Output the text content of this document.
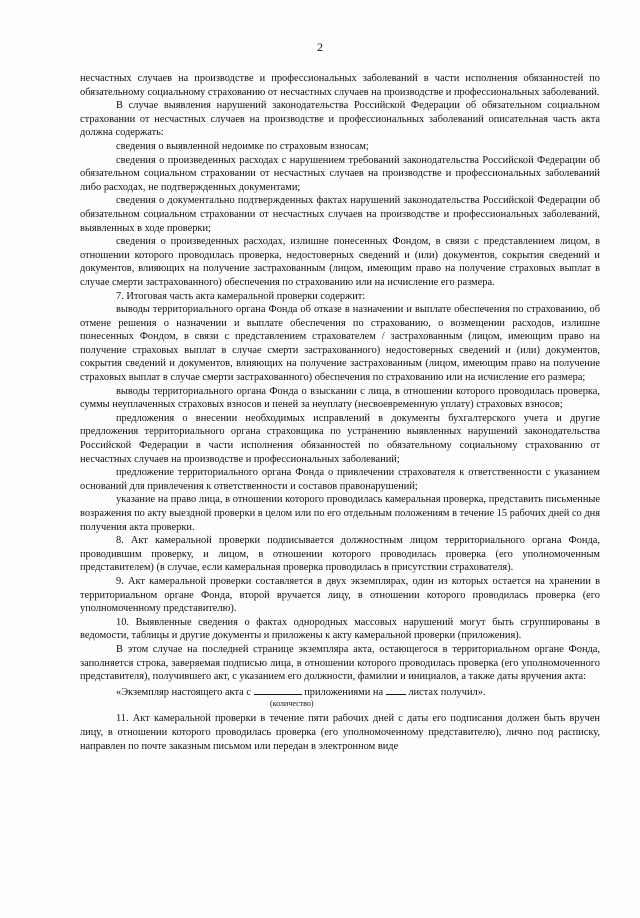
2

несчастных случаев на производстве и профессиональных заболеваний в части исполнения обязанностей по обязательному социальному страхованию от несчастных случаев на производстве и профессиональных заболеваний.

В случае выявления нарушений законодательства Российской Федерации об обязательном социальном страховании от несчастных случаев на производстве и профессиональных заболеваний описательная часть акта должна содержать:

сведения о выявленной недоимке по страховым взносам;

сведения о произведенных расходах с нарушением требований законодательства Российской Федерации об обязательном социальном страховании от несчастных случаев на производстве и профессиональных заболеваний либо расходах, не подтвержденных документами;

сведения о документально подтвержденных фактах нарушений законодательства Российской Федерации об обязательном социальном страховании от несчастных случаев на производстве и профессиональных заболеваний, выявленных в ходе проверки;

сведения о произведенных расходах, излишне понесенных Фондом, в связи с представлением лицом, в отношении которого проводилась проверка, недостоверных сведений и (или) документов, сокрытия сведений и документов, влияющих на получение застрахованным (лицом, имеющим право на получение страховых выплат в случае смерти застрахованного) обеспечения по страхованию или на исчисление его размера.

7. Итоговая часть акта камеральной проверки содержит:

выводы территориального органа Фонда об отказе в назначении и выплате обеспечения по страхованию, об отмене решения о назначении и выплате обеспечения по страхованию, о возмещении расходов, излишне понесенных Фондом, в связи с представлением страхователем / застрахованным (лицом, имеющим право на получение страховых выплат в случае смерти застрахованного) недостоверных сведений и (или) документов, сокрытия сведений и документов, влияющих на получение застрахованным (лицом, имеющим право на получение страховых выплат в случае смерти застрахованного) обеспечения по страхованию или на исчисление его размера;

выводы территориального органа Фонда о взыскании с лица, в отношении которого проводилась проверка, суммы неуплаченных страховых взносов и пеней за неуплату (несвоевременную уплату) страховых взносов;

предложения о внесении необходимых исправлений в документы бухгалтерского учета и другие предложения территориального органа страховщика по устранению выявленных нарушений законодательства Российской Федерации в части исполнения обязанностей по обязательному социальному страхованию от несчастных случаев на производстве и профессиональных заболеваний;

предложение территориального органа Фонда о привлечении страхователя к ответственности с указанием оснований для привлечения к ответственности и составов правонарушений;

указание на право лица, в отношении которого проводилась камеральная проверка, представить письменные возражения по акту выездной проверки в целом или по его отдельным положениям в течение 15 рабочих дней со дня получения акта проверки.

8. Акт камеральной проверки подписывается должностным лицом территориального органа Фонда, проводившим проверку, и лицом, в отношении которого проводилась проверка (его уполномоченным представителем) (в случае, если камеральная проверка проводилась в присутствии страхователя).

9. Акт камеральной проверки составляется в двух экземплярах, один из которых остается на хранении в территориальном органе Фонда, второй вручается лицу, в отношении которого проводилась проверка (его уполномоченному представителю).

10. Выявленные сведения о фактах однородных массовых нарушений могут быть сгруппированы в ведомости, таблицы и другие документы и приложены к акту камеральной проверки (приложения).

В этом случае на последней странице экземпляра акта, остающегося в территориальном органе Фонда, заполняется строка, заверяемая подписью лица, в отношении которого проводилась проверка (его уполномоченного представителя), получившего акт, с указанием его должности, фамилии и инициалов, а также даты вручения акта:

«Экземпляр настоящего акта с	приложениями на листах получил».

(количество)

11. Акт камеральной проверки в течение пяти рабочих дней с даты его подписания должен быть вручен лицу, в отношении которого проводилась проверка (его уполномоченному представителю), лично под расписку, направлен по почте заказным письмом или передан в электронном виде
